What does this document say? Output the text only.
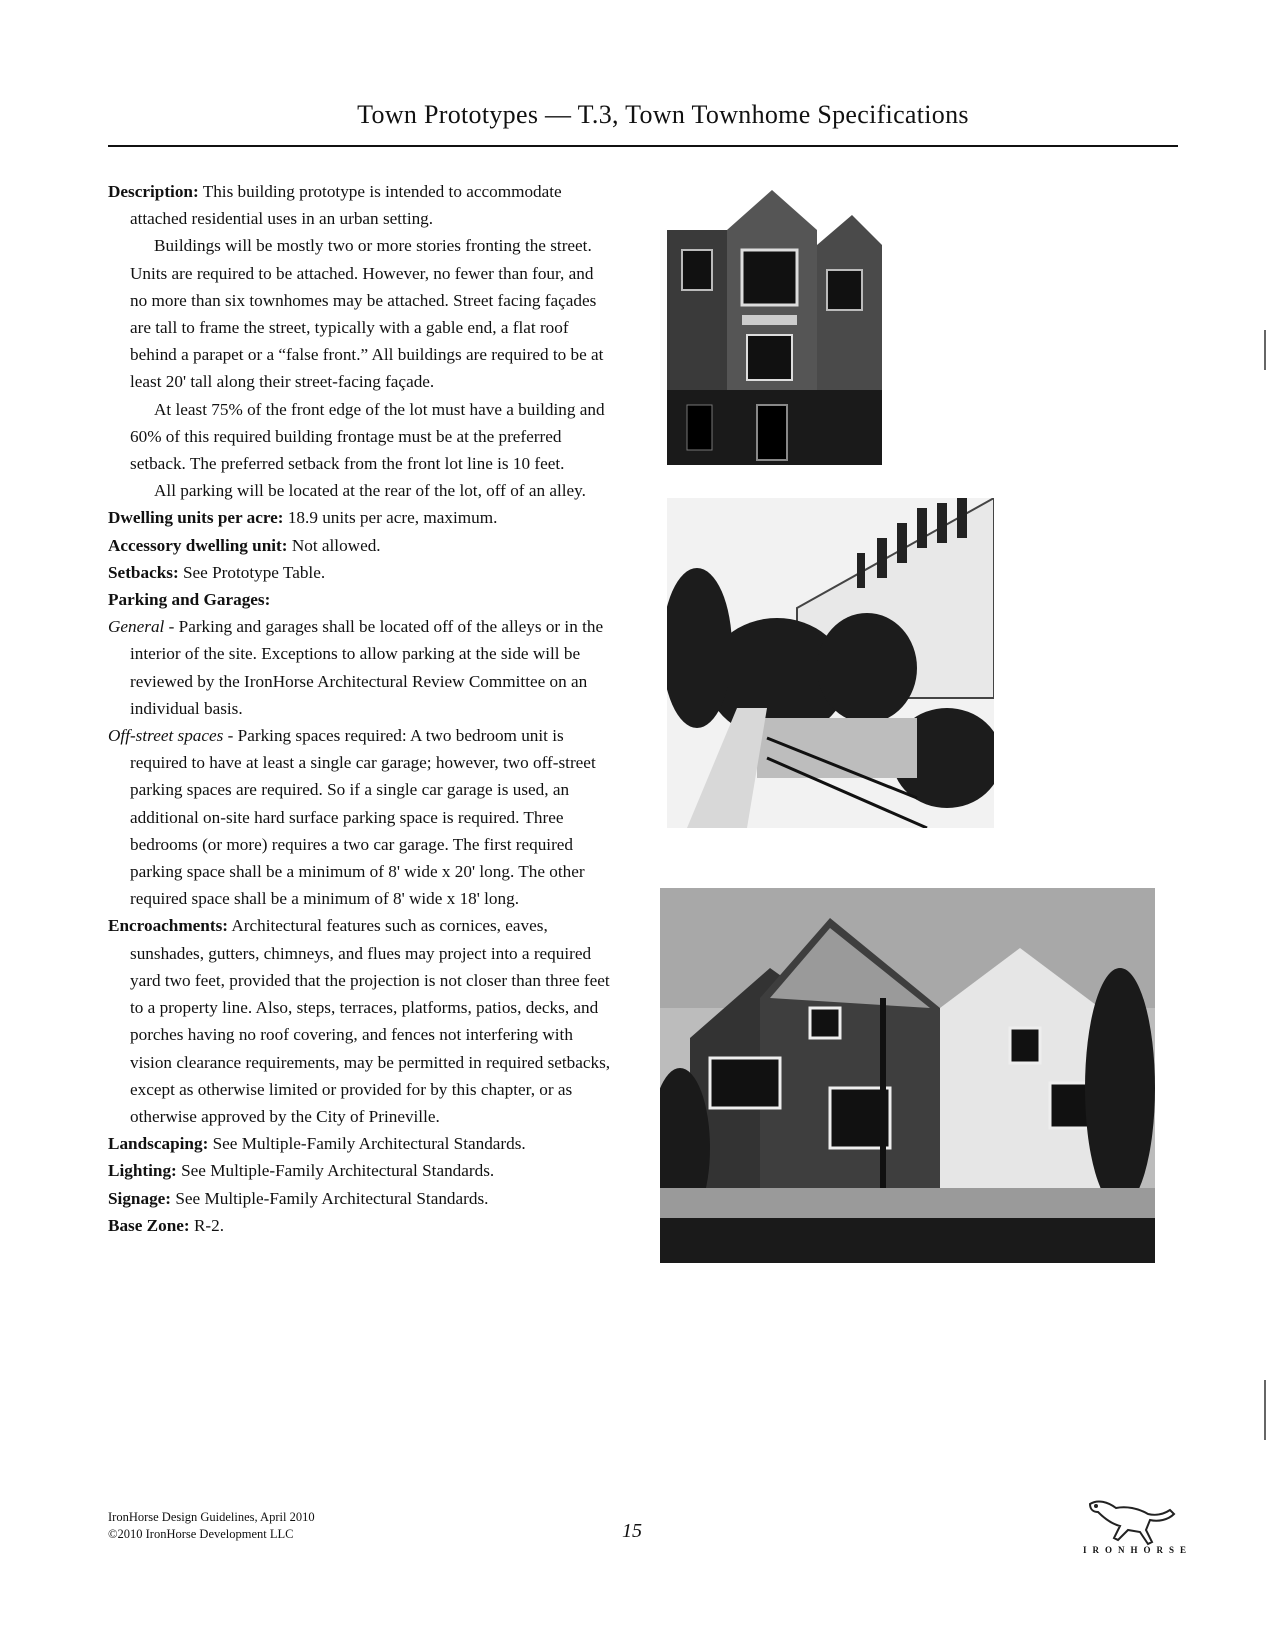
Town Prototypes — T.3, Town Townhome Specifications

Description: This building prototype is intended to accommodate attached residential uses in an urban setting.

Buildings will be mostly two or more stories fronting the street. Units are required to be attached. However, no fewer than four, and no more than six townhomes may be attached. Street facing façades are tall to frame the street, typically with a gable end, a flat roof behind a parapet or a “false front.” All buildings are required to be at least 20' tall along their street-facing façade.

At least 75% of the front edge of the lot must have a building and 60% of this required building frontage must be at the preferred setback. The preferred setback from the front lot line is 10 feet.

All parking will be located at the rear of the lot, off of an alley.

Dwelling units per acre: 18.9 units per acre, maximum.

Accessory dwelling unit: Not allowed.

Setbacks: See Prototype Table.

Parking and Garages:

General - Parking and garages shall be located off of the alleys or in the interior of the site. Exceptions to allow parking at the side will be reviewed by the IronHorse Architectural Review Committee on an individual basis.

Off-street spaces - Parking spaces required: A two bedroom unit is required to have at least a single car garage; however, two off-street parking spaces are required. So if a single car garage is used, an additional on-site hard surface parking space is required. Three bedrooms (or more) requires a two car garage. The first required parking space shall be a minimum of 8' wide x 20' long. The other required space shall be a minimum of 8' wide x 18' long.

Encroachments: Architectural features such as cornices, eaves, sunshades, gutters, chimneys, and flues may project into a required yard two feet, provided that the projection is not closer than three feet to a property line. Also, steps, terraces, platforms, patios, decks, and porches having no roof covering, and fences not interfering with vision clearance requirements, may be permitted in required setbacks, except as otherwise limited or provided for by this chapter, or as otherwise approved by the City of Prineville.

Landscaping: See Multiple-Family Architectural Standards.

Lighting: See Multiple-Family Architectural Standards.

Signage: See Multiple-Family Architectural Standards.

Base Zone: R-2.

IronHorse Design Guidelines, April 2010
©2010 IronHorse Development LLC	15
IRONHORSE
